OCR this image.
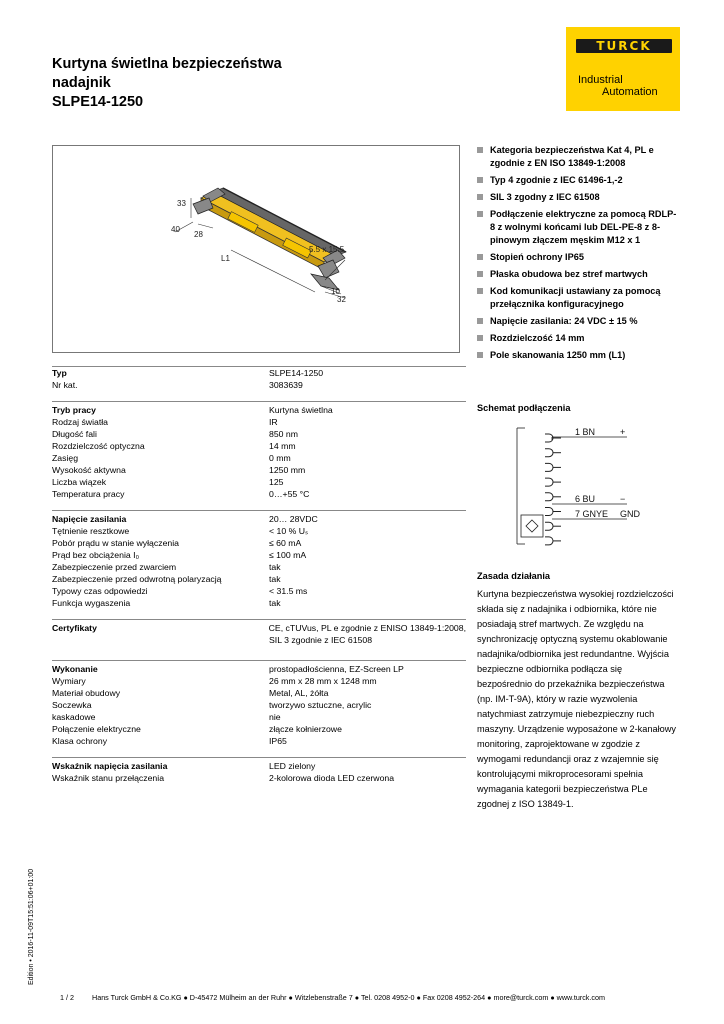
Kurtyna świetlna bezpieczeństwa
nadajnik
SLPE14-1250
TURCK
Industrial
Automation
33
40
28
L1
5.5 x 15.5
10
32
Typ	SLPE14-1250
Nr kat.	3083639
Tryb pracy	Kurtyna świetlna
Rodzaj światła	IR
Długość fali	850 nm
Rozdzielczość optyczna	14 mm
Zasięg	0 mm
Wysokość aktywna	1250 mm
Liczba wiązek	125
Temperatura pracy	0…+55 °C
Napięcie zasilania	20… 28VDC
Tętnienie resztkowe	< 10 % Uₛ
Pobór prądu w stanie wyłączenia	≤ 60 mA
Prąd bez obciążenia I₀	≤ 100 mA
Zabezpieczenie przed zwarciem	tak
Zabezpieczenie przed odwrotną polaryzacją	tak
Typowy czas odpowiedzi	< 31.5 ms
Funkcja wygaszenia	tak
Certyfikaty	CE, cTUVus, PL e zgodnie z ENISO 13849-1:2008,
SIL 3 zgodnie z IEC 61508
Wykonanie	prostopadłościenna, EZ-Screen LP
Wymiary	26 mm x 28 mm x 1248 mm
Materiał obudowy	Metal, AL, żółta
Soczewka	tworzywo sztuczne, acrylic
kaskadowe	nie
Połączenie elektryczne	złącze kołnierzowe
Klasa ochrony	IP65
Wskaźnik napięcia zasilania	LED zielony
Wskaźnik stanu przełączenia	2-kolorowa dioda LED czerwona
Kategoria bezpieczeństwa Kat 4, PL e zgodnie z EN ISO 13849-1:2008
Typ 4 zgodnie z IEC 61496-1,-2
SIL 3 zgodny z IEC 61508
Podłączenie elektryczne za pomocą RDLP-8 z wolnymi końcami lub DEL-PE-8 z 8-pinowym złączem męskim M12 x 1
Stopień ochrony IP65
Płaska obudowa bez stref martwych
Kod komunikacji ustawiany za pomocą przełącznika konfiguracyjnego
Napięcie zasilania: 24 VDC ± 15 %
Rozdzielczość 14 mm
Pole skanowania 1250 mm (L1)
Schemat podłączenia
1 BN	+
6 BU	−
7 GNYE GND
Zasada działania
Kurtyna bezpieczeństwa wysokiej rozdzielczości składa się z nadajnika i odbiornika, które nie posiadają stref martwych. Ze względu na synchronizację optyczną systemu okablowanie nadajnika/odbiornika jest redundantne. Wyjścia bezpieczne odbiornika podłącza się bezpośrednio do przekaźnika bezpieczeństwa (np. IM-T-9A), który w razie wyzwolenia natychmiast zatrzymuje niebezpieczny ruch maszyny. Urządzenie wyposażone w 2-kanałowy monitoring, zaprojektowane w zgodzie z wymogami redundancji oraz z wzajemnie się kontrolującymi mikroprocesorami spełnia wymagania kategorii bezpieczeństwa PLe zgodnej z ISO 13849-1.
Edition • 2016-11-09T15:51:06+01:00
1 / 2	Hans Turck GmbH & Co.KG ● D-45472 Mülheim an der Ruhr ● Witzlebenstraße 7 ● Tel. 0208 4952-0 ● Fax 0208 4952-264 ● more@turck.com ● www.turck.com
